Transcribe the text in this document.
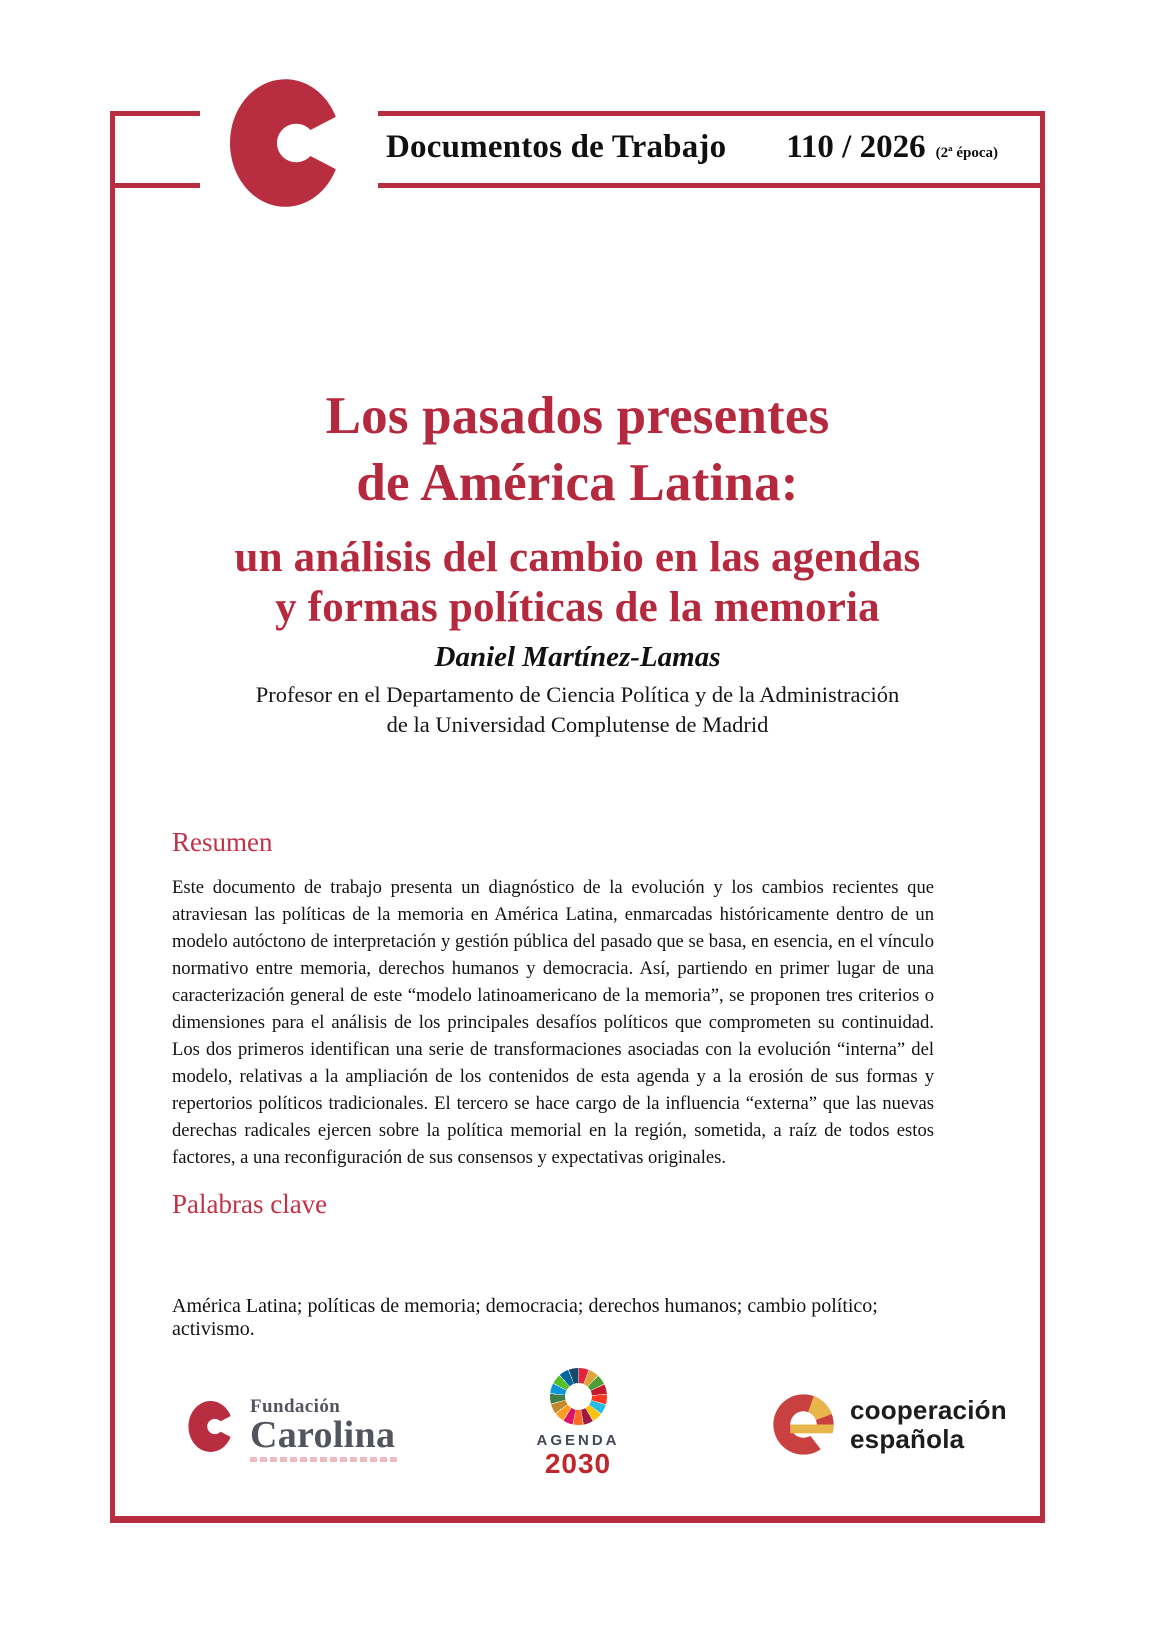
Documentos de Trabajo 110 / 2026 (2ª época)
Los pasados presentes
de América Latina:
un análisis del cambio en las agendas
y formas políticas de la memoria
Daniel Martínez-Lamas
Profesor en el Departamento de Ciencia Política y de la Administración
de la Universidad Complutense de Madrid
Resumen
Este documento de trabajo presenta un diagnóstico de la evolución y los cambios recientes que atraviesan las políticas de la memoria en América Latina, enmarcadas históricamente dentro de un modelo autóctono de interpretación y gestión pública del pasado que se basa, en esencia, en el vínculo normativo entre memoria, derechos humanos y democracia. Así, partiendo en primer lugar de una caracterización general de este “modelo latinoamericano de la memoria”, se proponen tres criterios o dimensiones para el análisis de los principales desafíos políticos que comprometen su continuidad. Los dos primeros identifican una serie de transformaciones asociadas con la evolución “interna” del modelo, relativas a la ampliación de los contenidos de esta agenda y a la erosión de sus formas y repertorios políticos tradicionales. El tercero se hace cargo de la influencia “externa” que las nuevas derechas radicales ejercen sobre la política memorial en la región, sometida, a raíz de todos estos factores, a una reconfiguración de sus consensos y expectativas originales.
Palabras clave
América Latina; políticas de memoria; democracia; derechos humanos; cambio político; activismo.
Fundación
Carolina	AGENDA
2030
cooperación
española
